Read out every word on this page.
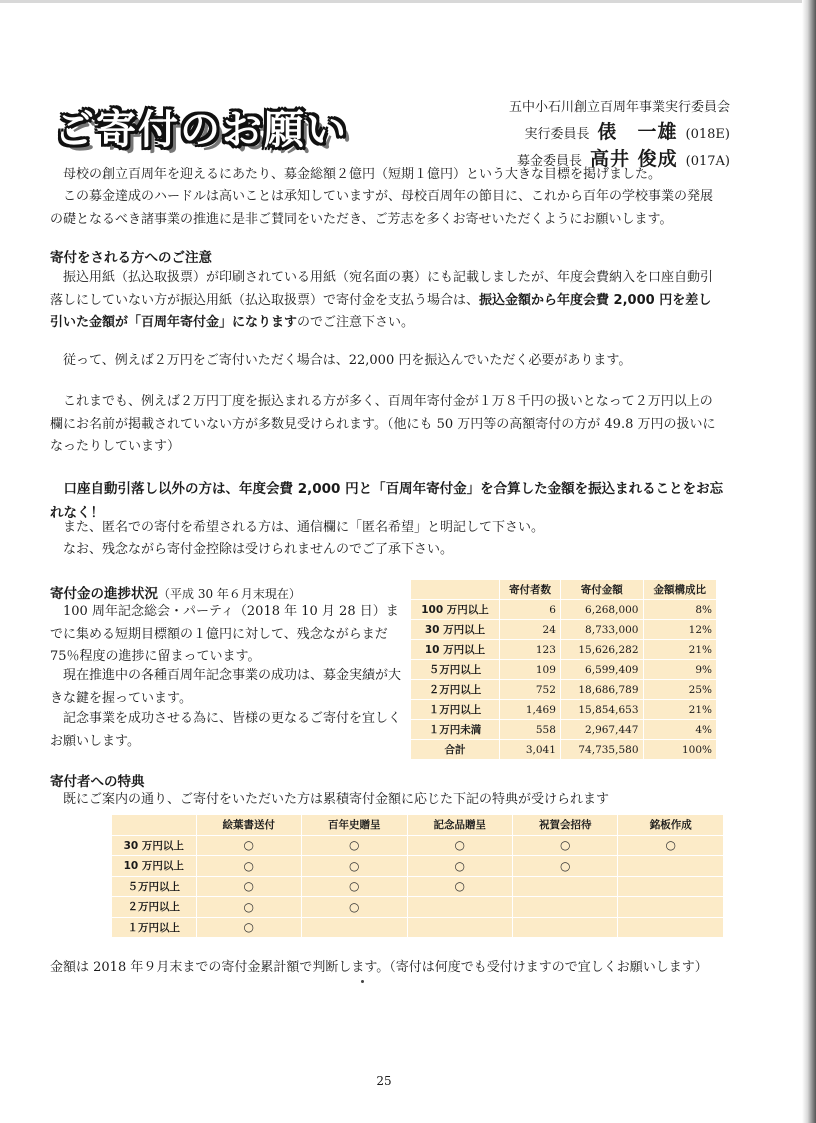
ご寄付のお願い	五中小石川創立百周年事業実行委員会
実行委員長 俵　一雄 (018E)
募金委員長 高井 俊成 (017A)

母校の創立百周年を迎えるにあたり、募金総額２億円（短期１億円）という大きな目標を掲げました。

この募金達成のハードルは高いことは承知していますが、母校百周年の節目に、これから百年の学校事業の発展の礎となるべき諸事業の推進に是非ご賛同をいただき、ご芳志を多くお寄せいただくようにお願いします。

寄付をされる方へのご注意

振込用紙（払込取扱票）が印刷されている用紙（宛名面の裏）にも記載しましたが、年度会費納入を口座自動引落しにしていない方が振込用紙（払込取扱票）で寄付金を支払う場合は、振込金額から年度会費 2,000 円を差し引いた金額が「百周年寄付金」になりますのでご注意下さい。

従って、例えば２万円をご寄付いただく場合は、22,000 円を振込んでいただく必要があります。

これまでも、例えば２万円丁度を振込まれる方が多く、百周年寄付金が１万８千円の扱いとなって２万円以上の欄にお名前が掲載されていない方が多数見受けられます。（他にも 50 万円等の高額寄付の方が 49.8 万円の扱いになったりしています）

口座自動引落し以外の方は、年度会費 2,000 円と「百周年寄付金」を合算した金額を振込まれることをお忘れなく！

また、匿名での寄付を希望される方は、通信欄に「匿名希望」と明記して下さい。

なお、残念ながら寄付金控除は受けられませんのでご了承下さい。

寄付金の進捗状況（平成 30 年６月末現在）

100 周年記念総会・パーティ（2018 年 10 月 28 日）までに集める短期目標額の１億円に対して、残念ながらまだ 75％程度の進捗に留まっています。

現在推進中の各種百周年記念事業の成功は、募金実績が大きな鍵を握っています。

記念事業を成功させる為に、皆様の更なるご寄付を宜しくお願いします。

	寄付者数	寄付金額	金額構成比
100 万円以上	6	6,268,000	8%
30 万円以上	24	8,733,000	12%
10 万円以上	123	15,626,282	21%
５万円以上	109	6,599,409	9%
２万円以上	752	18,686,789	25%
１万円以上	1,469	15,854,653	21%
１万円未満	558	2,967,447	4%
合計	3,041	74,735,580	100%
寄付者への特典

既にご案内の通り、ご寄付をいただいた方は累積寄付金額に応じた下記の特典が受けられます

	絵葉書送付	百年史贈呈	記念品贈呈	祝賀会招待	銘板作成
30 万円以上	○	○	○	○	○
10 万円以上	○	○	○	○	
５万円以上	○	○	○		
２万円以上	○	○			
１万円以上	○				

金額は 2018 年９月末までの寄付金累計額で判断します。（寄付は何度でも受付けますので宜しくお願いします）

25
